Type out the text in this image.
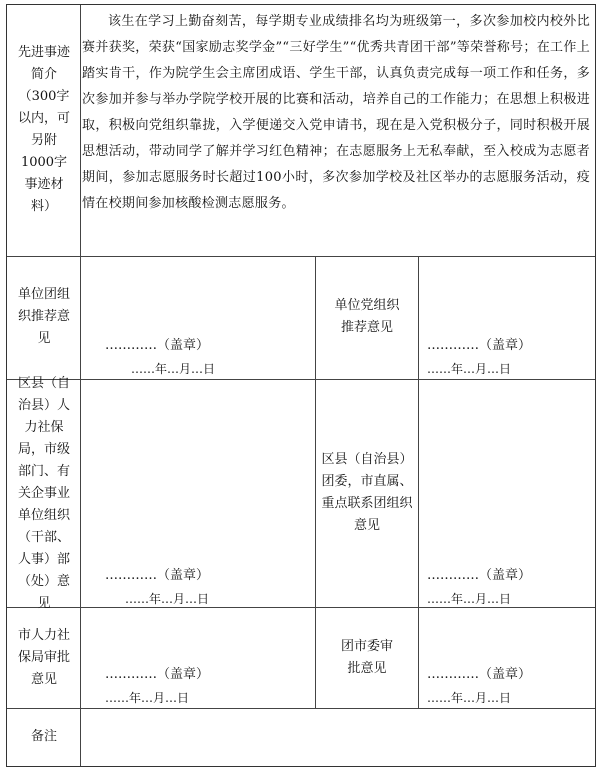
先进事迹简介（300字以内，可另附1000字事迹材料）
该生在学习上勤奋刻苦，每学期专业成绩排名均为班级第一，多次参加校内校外比赛并获奖，荣获“国家励志奖学金”“三好学生”“优秀共青团干部”等荣誉称号；在工作上踏实肯干，作为院学生会主席团成语、学生干部，认真负责完成每一项工作和任务，多次参加并参与举办学院学校开展的比赛和活动，培养自己的工作能力；在思想上积极进取，积极向党组织靠拢，入学便递交入党申请书，现在是入党积极分子，同时积极开展思想活动，带动同学了解并学习红色精神；在志愿服务上无私奉献，至入校成为志愿者期间，参加志愿服务时长超过100小时，多次参加学校及社区举办的志愿服务活动，疫情在校期间参加核酸检测志愿服务。
单位团组织推荐意见	…………（盖章）
……年…月…日
单位党组织推荐意见
…………（盖章）
……年…月…日
区县（自治县）人力社保局，市级部门、有关企事业单位组织（干部、人事）部（处）意见
…………（盖章）
……年…月…日
区县（自治县）团委，市直属、重点联系团组织意见
…………（盖章）
……年…月…日
市人力社保局审批意见	…………（盖章）
……年…月…日
团市委审批意见	…………（盖章）
……年…月…日
备注
